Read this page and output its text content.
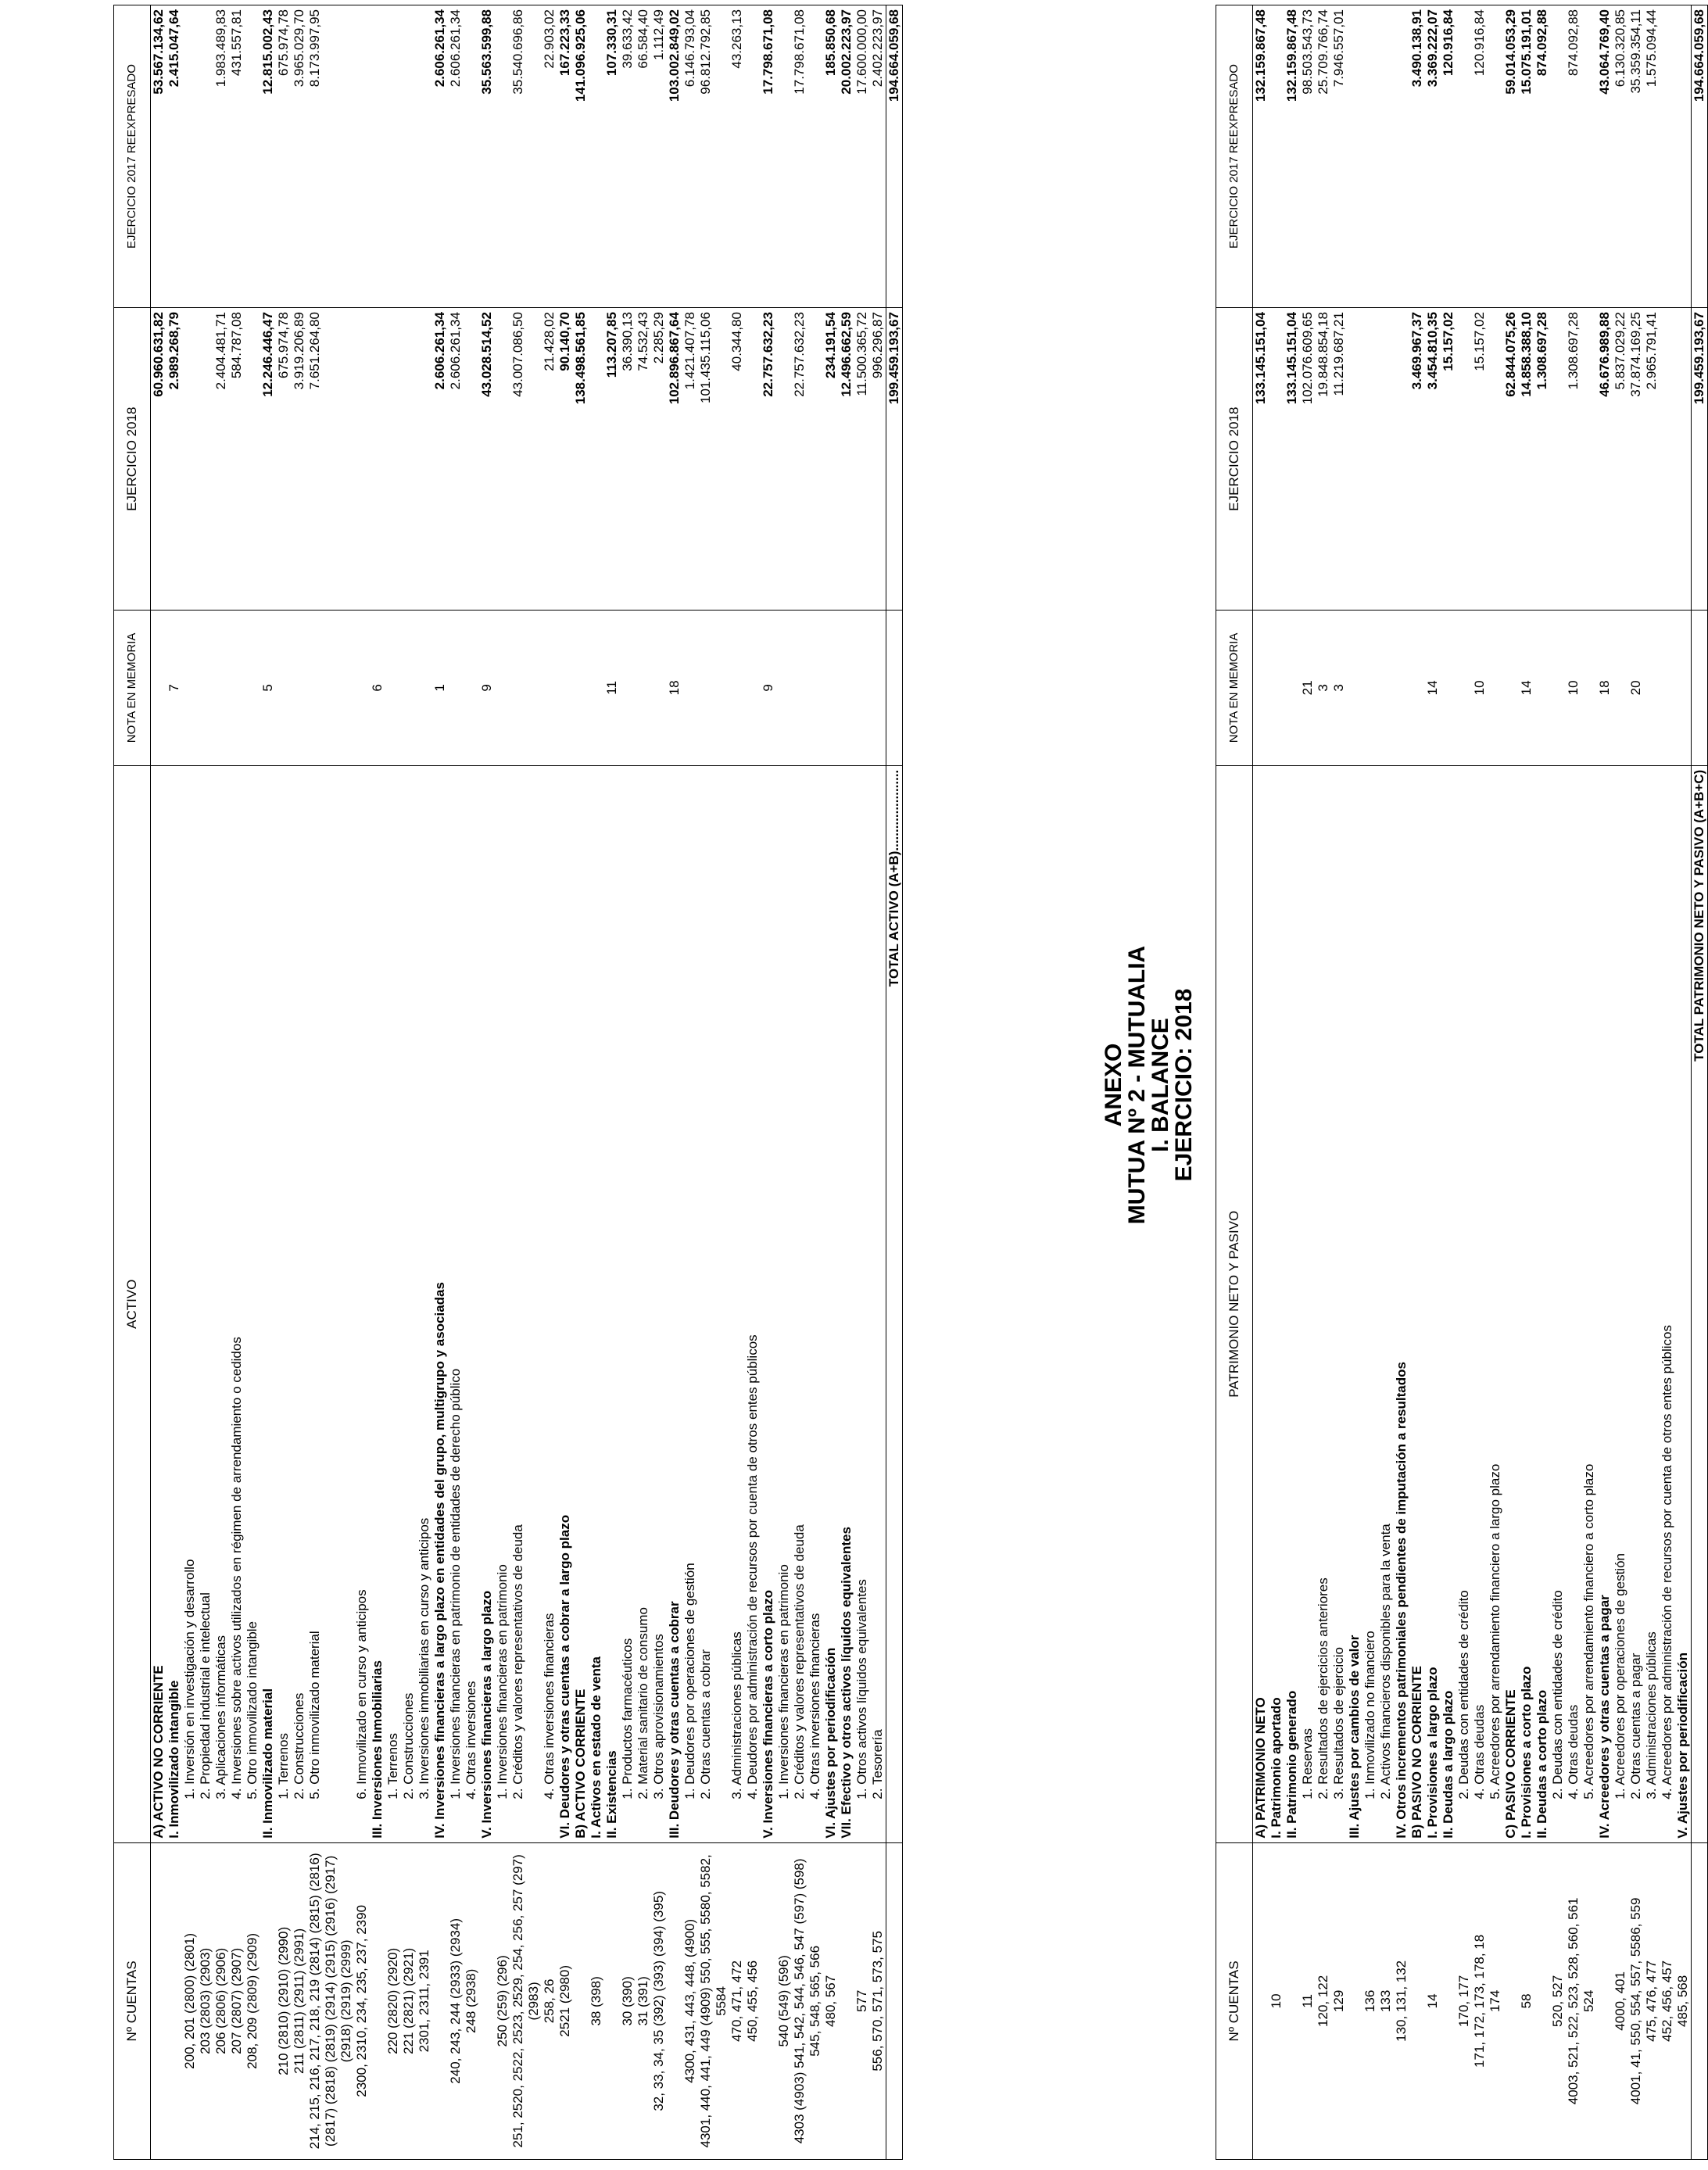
ANEXO
MUTUA Nº 2 - MUTUALIA
I. BALANCE
EJERCICIO: 2018
Nº CUENTAS	ACTIVO	NOTA EN MEMORIA	EJERCICIO 2018	EJERCICIO 2017 REEXPRESADO
	A) ACTIVO NO CORRIENTE		60.960.631,82	53.567.134,62
	I. Inmovilizado intangible	7	2.989.268,79	2.415.047,64
200, 201 (2800) (2801)	1. Inversión en investigación y desarrollo			
203 (2803) (2903)	2. Propiedad industrial e intelectual			
206 (2806) (2906)	3. Aplicaciones informáticas		2.404.481,71	1.983.489,83
207 (2807) (2907)	4. Inversiones sobre activos utilizados en régimen de arrendamiento o cedidos		584.787,08	431.557,81
208, 209 (2809) (2909)	5. Otro inmovilizado intangible			
	II. Inmovilizado material	5	12.246.446,47	12.815.002,43
210 (2810) (2910) (2990)	1. Terrenos		675.974,78	675.974,78
211 (2811) (2911) (2991)	2. Construcciones		3.919.206,89	3.965.029,70
214, 215, 216, 217, 218, 219 (2814) (2815) (2816) (2817) (2818) (2819) (2914) (2915) (2916) (2917) (2918) (2919) (2999)	5. Otro inmovilizado material		7.651.264,80	8.173.997,95
2300, 2310, 234, 235, 237, 2390	6. Inmovilizado en curso y anticipos			
	III. Inversiones Inmobiliarias	6		
220 (2820) (2920)	1. Terrenos			
221 (2821) (2921)	2. Construcciones			
2301, 2311, 2391	3. Inversiones inmobiliarias en curso y anticipos			
	IV. Inversiones financieras a largo plazo en entidades del grupo, multigrupo y asociadas	1	2.606.261,34	2.606.261,34
240, 243, 244 (2933) (2934)	1. Inversiones financieras en patrimonio de entidades de derecho público		2.606.261,34	2.606.261,34
248 (2938)	4. Otras inversiones			
	V. Inversiones financieras a largo plazo	9	43.028.514,52	35.563.599,88
250 (259) (296)	1. Inversiones financieras en patrimonio			
251, 2520, 2522, 2523, 2529, 254, 256, 257 (297) (2983)	2. Créditos y valores representativos de deuda		43.007.086,50	35.540.696,86
258, 26	4. Otras inversiones financieras		21.428,02	22.903,02
2521 (2980)	VI. Deudores y otras cuentas a cobrar a largo plazo		90.140,70	167.223,33
	B) ACTIVO CORRIENTE		138.498.561,85	141.096.925,06
38 (398)	I. Activos en estado de venta			
	II. Existencias	11	113.207,85	107.330,31
30 (390)	1. Productos farmacéuticos		36.390,13	39.633,42
31 (391)	2. Material sanitario de consumo		74.532,43	66.584,40
32, 33, 34, 35 (392) (393) (394) (395)	3. Otros aprovisionamientos		2.285,29	1.112,49
	III. Deudores y otras cuentas a cobrar	18	102.896.867,64	103.002.849,02
4300, 431, 443, 448, (4900)	1. Deudores por operaciones de gestión		1.421.407,78	6.146.793,04
4301, 440, 441, 449 (4909) 550, 555, 5580, 5582, 5584	2. Otras cuentas a cobrar		101.435.115,06	96.812.792,85
470, 471, 472	3. Administraciones públicas		40.344,80	43.263,13
450, 455, 456	4. Deudores por administración de recursos por cuenta de otros entes públicos			
	V. Inversiones financieras a corto plazo	9	22.757.632,23	17.798.671,08
540 (549) (596)	1. Inversiones financieras en patrimonio			
4303 (4903) 541, 542, 544, 546, 547 (597) (598)	2. Créditos y valores representativos de deuda		22.757.632,23	17.798.671,08
545, 548, 565, 566	4. Otras inversiones financieras			
480, 567	VI. Ajustes por periodificación		234.191,54	185.850,68
	VII. Efectivo y otros activos líquidos equivalentes		12.496.662,59	20.002.223,97
577	1. Otros activos líquidos equivalentes		11.500.365,72	17.600.000,00
556, 570, 571, 573, 575	2. Tesorería		996.296,87	2.402.223,97
	TOTAL ACTIVO (A+B)......................		199.459.193,67	194.664.059,68
Nº CUENTAS	PATRIMONIO NETO Y PASIVO	NOTA EN MEMORIA	EJERCICIO 2018	EJERCICIO 2017 REEXPRESADO
	A) PATRIMONIO NETO		133.145.151,04	132.159.867,48
10	I. Patrimonio aportado			
	II. Patrimonio generado		133.145.151,04	132.159.867,48
11	1. Reservas	21	102.076.609,65	98.503.543,73
120, 122	2. Resultados de ejercicios anteriores	3	19.848.854,18	25.709.766,74
129	3. Resultados de ejercicio	3	11.219.687,21	7.946.557,01
	III. Ajustes por cambios de valor			
136	1. Inmovilizado no financiero			
133	2. Activos financieros disponibles para la venta			
130, 131, 132	IV. Otros incrementos patrimoniales pendientes de imputación a resultados			
	B) PASIVO NO CORRIENTE		3.469.967,37	3.490.138,91
14	I. Provisiones a largo plazo	14	3.454.810,35	3.369.222,07
	II. Deudas a largo plazo		15.157,02	120.916,84
170, 177	2. Deudas con entidades de crédito			
171, 172, 173, 178, 18	4. Otras deudas	10	15.157,02	120.916,84
174	5. Acreedores por arrendamiento financiero a largo plazo			
	C) PASIVO CORRIENTE		62.844.075,26	59.014.053,29
58	I. Provisiones a corto plazo	14	14.858.388,10	15.075.191,01
	II. Deudas a corto plazo		1.308.697,28	874.092,88
520, 527	2. Deudas con entidades de crédito			
4003, 521, 522, 523, 528, 560, 561	4. Otras deudas	10	1.308.697,28	874.092,88
524	5. Acreedores por arrendamiento financiero a corto plazo			
	IV. Acreedores y otras cuentas a pagar	18	46.676.989,88	43.064.769,40
4000, 401	1. Acreedores por operaciones de gestión		5.837.029,22	6.130.320,85
4001, 41, 550, 554, 557, 5586, 559	2. Otras cuentas a pagar	20	37.874.169,25	35.359.354,11
475, 476, 477	3. Administraciones públicas		2.965.791,41	1.575.094,44
452, 456, 457	4. Acreedores por administración de recursos por cuenta de otros entes públicos			
485, 568	V. Ajustes por periodificación			
	TOTAL PATRIMONIO NETO Y PASIVO (A+B+C)		199.459.193,67	194.664.059,68
